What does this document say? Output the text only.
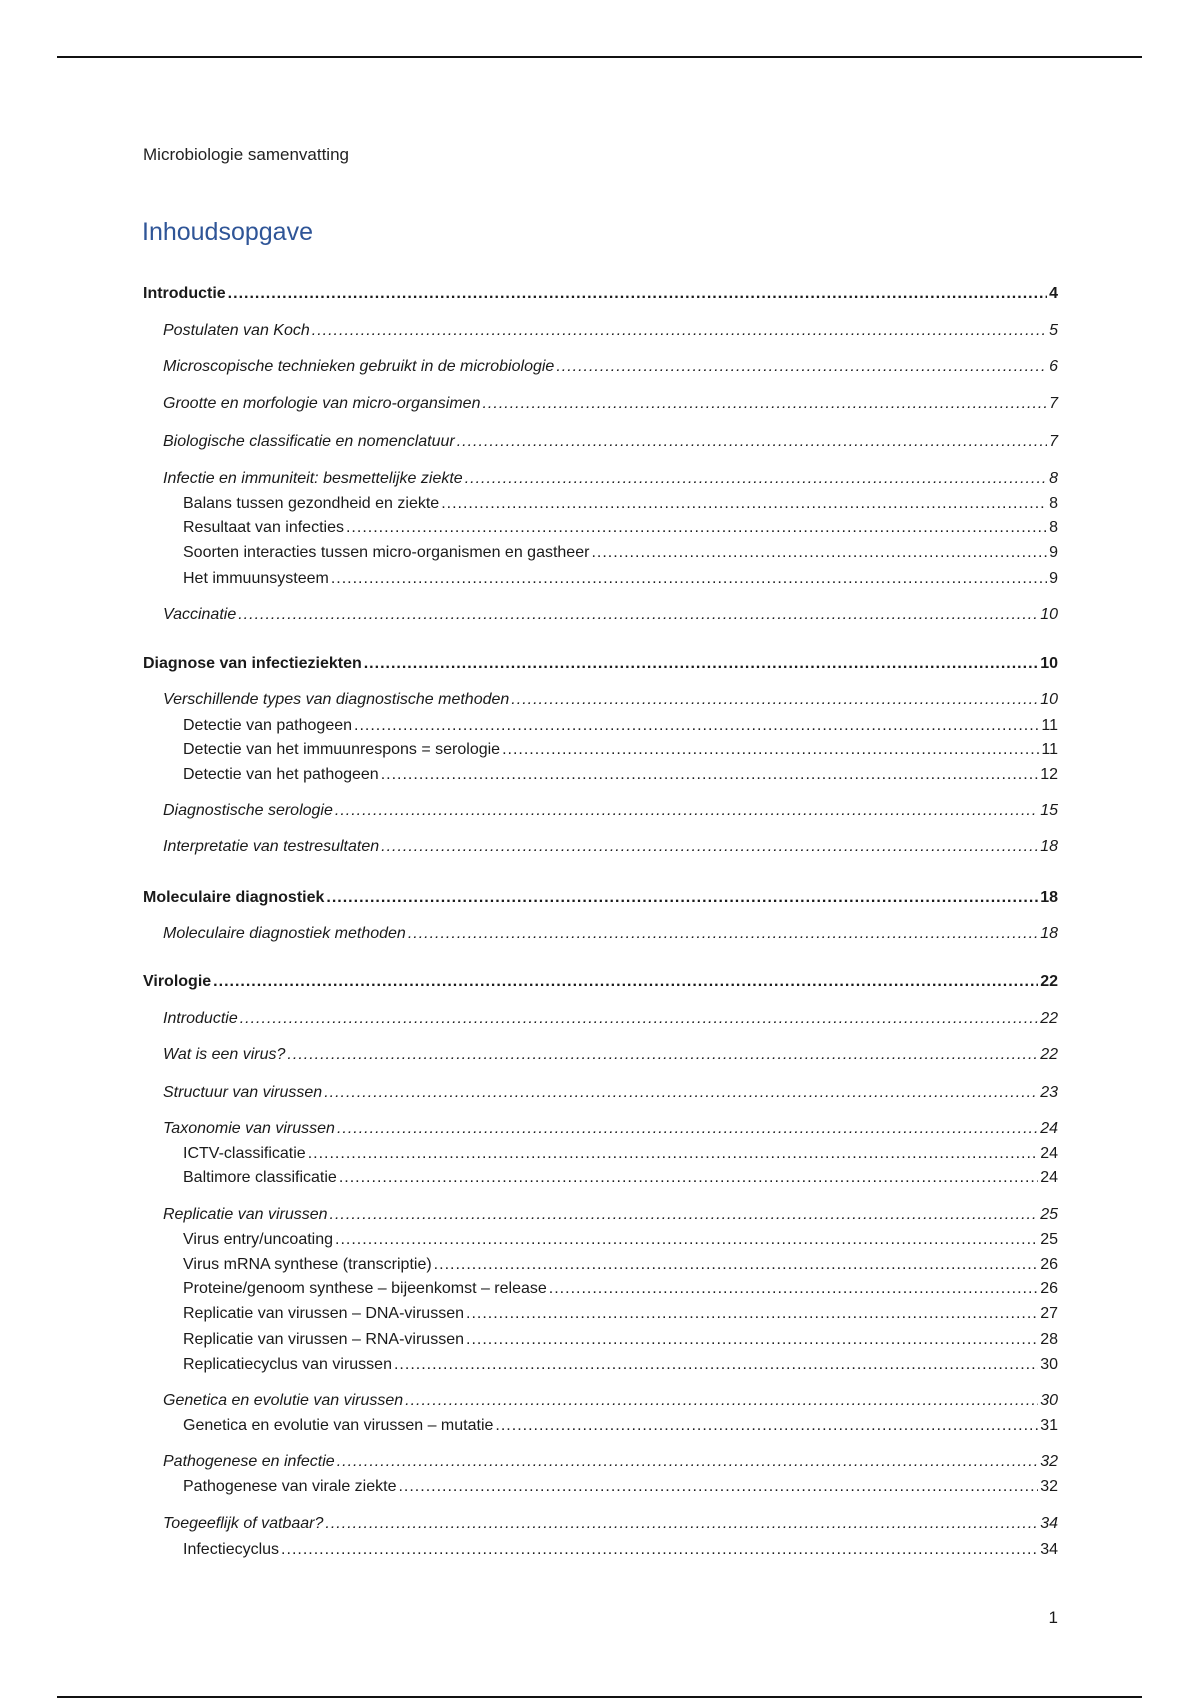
Microbiologie samenvatting
Inhoudsopgave
Introductie .....	4
Postulaten van Koch .....	5
Microscopische technieken gebruikt in de microbiologie .....	6
Grootte en morfologie van micro-organsimen .....	7
Biologische classificatie en nomenclatuur .....	7
Infectie en immuniteit: besmettelijke ziekte .....	8
Balans tussen gezondheid en ziekte .....	8
Resultaat van infecties .....	8
Soorten interacties tussen micro-organismen en gastheer .....	9
Het immuunsysteem .....	9
Vaccinatie .....	10
Diagnose van infectieziekten .....	10
Verschillende types van diagnostische methoden .....	10
Detectie van pathogeen .....	11
Detectie van het immuunrespons = serologie .....	11
Detectie van het pathogeen .....	12
Diagnostische serologie .....	15
Interpretatie van testresultaten .....	18
Moleculaire diagnostiek .....	18
Moleculaire diagnostiek methoden .....	18
Virologie .....	22
Introductie .....	22
Wat is een virus? .....	22
Structuur van virussen .....	23
Taxonomie van virussen .....	24
ICTV-classificatie .....	24
Baltimore classificatie .....	24
Replicatie van virussen .....	25
Virus entry/uncoating .....	25
Virus mRNA synthese (transcriptie) .....	26
Proteine/genoom synthese – bijeenkomst – release .....	26
Replicatie van virussen – DNA-virussen .....	27
Replicatie van virussen – RNA-virussen .....	28
Replicatiecyclus van virussen .....	30
Genetica en evolutie van virussen .....	30
Genetica en evolutie van virussen – mutatie .....	31
Pathogenese en infectie .....	32
Pathogenese van virale ziekte .....	32
Toegeeflijk of vatbaar? .....	34
Infectiecyclus .....	34
1
